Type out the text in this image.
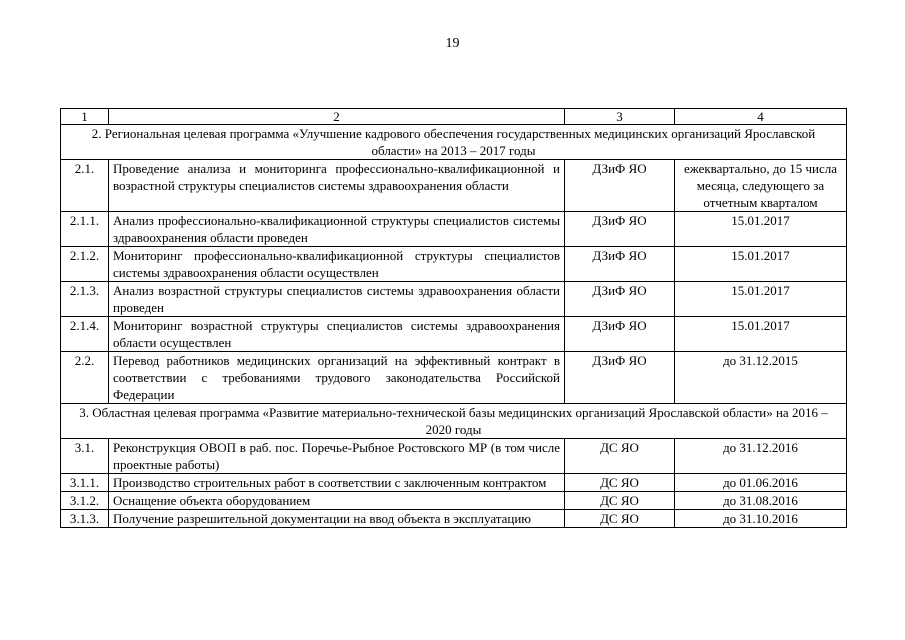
19
1	2	3	4
2. Региональная целевая программа «Улучшение кадрового обеспечения государственных медицинских организаций Ярославской области» на 2013 – 2017 годы			
2.1.	Проведение анализа и мониторинга профессионально-квалификационной и возрастной структуры специалистов системы здравоохранения области	ДЗиФ ЯО	ежеквартально, до 15 числа месяца, следующего за отчетным кварталом
2.1.1.	Анализ профессионально-квалификационной структуры специалистов системы здравоохранения области проведен	ДЗиФ ЯО	15.01.2017
2.1.2.	Мониторинг профессионально-квалификационной структуры специалистов системы здравоохранения области осуществлен	ДЗиФ ЯО	15.01.2017
2.1.3.	Анализ возрастной структуры специалистов системы здравоохранения области проведен	ДЗиФ ЯО	15.01.2017
2.1.4.	Мониторинг возрастной структуры специалистов системы здравоохранения области осуществлен	ДЗиФ ЯО	15.01.2017
2.2.	Перевод работников медицинских организаций на эффективный контракт в соответствии с требованиями трудового законодательства Российской Федерации	ДЗиФ ЯО	до 31.12.2015
3. Областная целевая программа «Развитие материально-технической базы медицинских организаций Ярославской области» на 2016 – 2020 годы			
3.1.	Реконструкция ОВОП в раб. пос. Поречье-Рыбное Ростовского МР (в том числе проектные работы)	ДС ЯО	до 31.12.2016
3.1.1.	Производство строительных работ в соответствии с заключенным контрактом	ДС ЯО	до 01.06.2016
3.1.2.	Оснащение объекта оборудованием	ДС ЯО	до 31.08.2016
3.1.3.	Получение разрешительной документации на ввод объекта в эксплуатацию	ДС ЯО	до 31.10.2016
